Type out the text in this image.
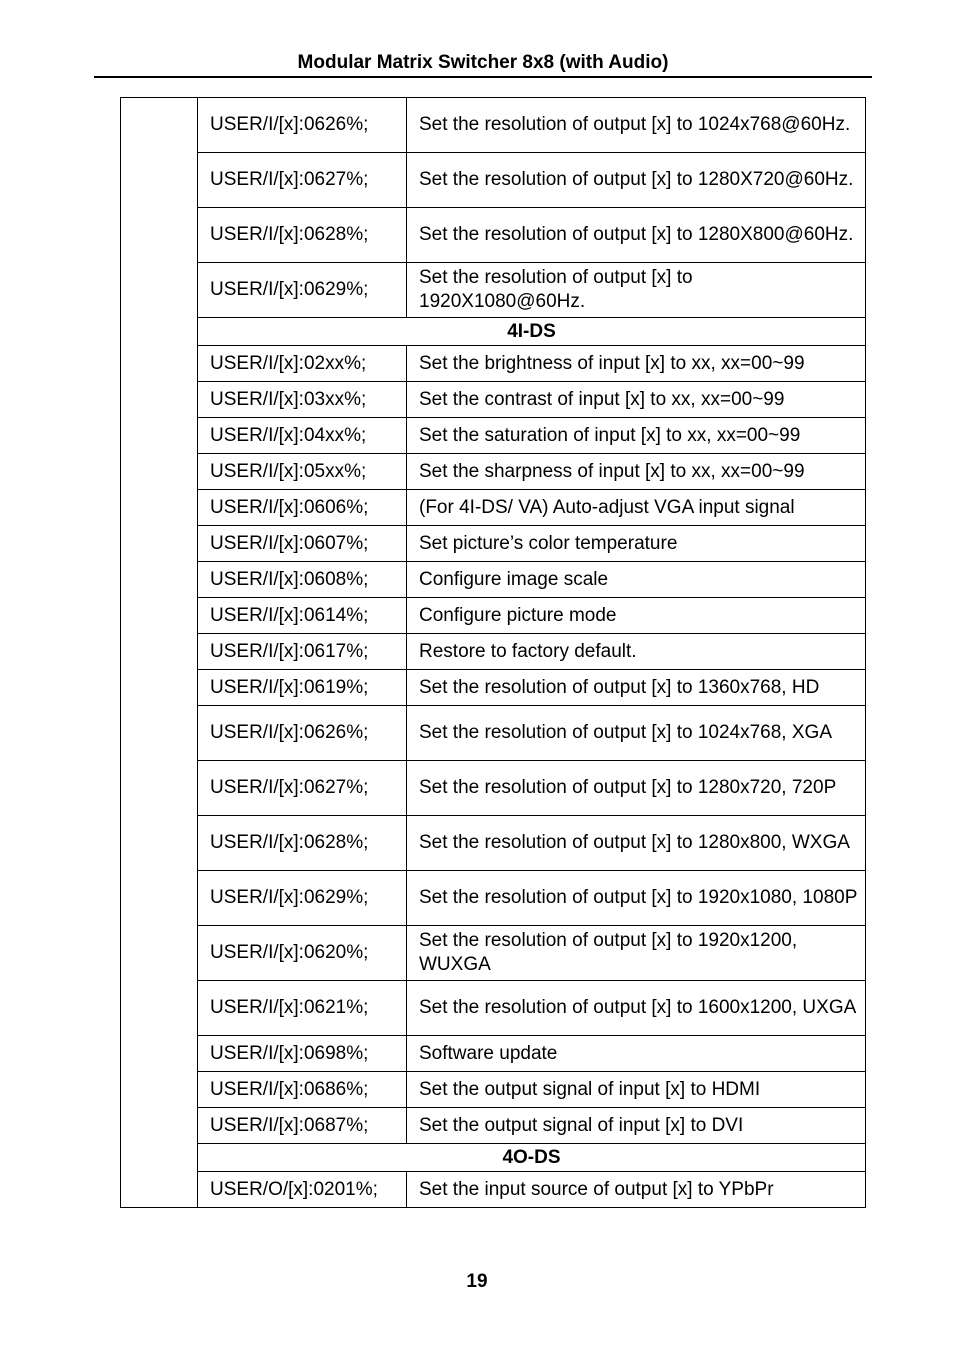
Modular Matrix Switcher 8x8 (with Audio)
	USER/I/[x]:0626%;	Set the resolution of output [x] to 1024x768@60Hz.
	USER/I/[x]:0627%;	Set the resolution of output [x] to 1280X720@60Hz.
	USER/I/[x]:0628%;	Set the resolution of output [x] to 1280X800@60Hz.
	USER/I/[x]:0629%;	Set the resolution of output [x] to 1920X1080@60Hz.
	4I-DS	
	USER/I/[x]:02xx%;	Set the brightness of input [x] to xx, xx=00~99
	USER/I/[x]:03xx%;	Set the contrast of input [x] to xx, xx=00~99
	USER/I/[x]:04xx%;	Set the saturation of input [x] to xx, xx=00~99
	USER/I/[x]:05xx%;	Set the sharpness of input [x] to xx, xx=00~99
	USER/I/[x]:0606%;	(For 4I-DS/ VA) Auto-adjust VGA input signal
	USER/I/[x]:0607%;	Set picture’s color temperature
	USER/I/[x]:0608%;	Configure image scale
	USER/I/[x]:0614%;	Configure picture mode
	USER/I/[x]:0617%;	Restore to factory default.
	USER/I/[x]:0619%;	Set the resolution of output [x] to 1360x768, HD
	USER/I/[x]:0626%;	Set the resolution of output [x] to 1024x768, XGA
	USER/I/[x]:0627%;	Set the resolution of output [x] to 1280x720, 720P
	USER/I/[x]:0628%;	Set the resolution of output [x] to 1280x800, WXGA
	USER/I/[x]:0629%;	Set the resolution of output [x] to 1920x1080, 1080P
	USER/I/[x]:0620%;	Set the resolution of output [x] to 1920x1200, WUXGA
	USER/I/[x]:0621%;	Set the resolution of output [x] to 1600x1200, UXGA
	USER/I/[x]:0698%;	Software update
	USER/I/[x]:0686%;	Set the output signal of input [x] to HDMI
	USER/I/[x]:0687%;	Set the output signal of input [x] to DVI
	4O-DS	
	USER/O/[x]:0201%;	Set the input source of output [x] to YPbPr
19
